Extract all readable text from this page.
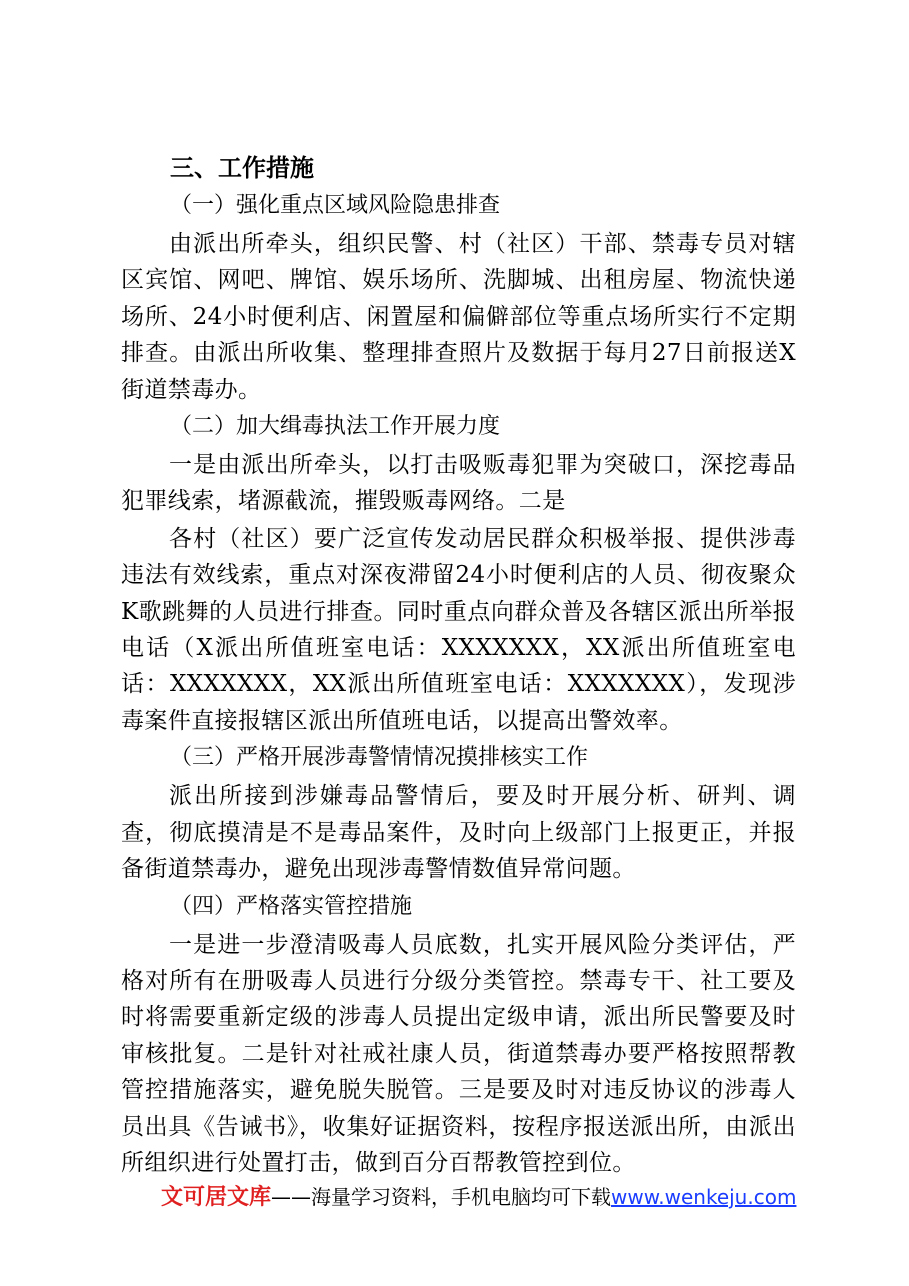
三、工作措施
（一）强化重点区域风险隐患排查
由派出所牵头，组织民警、村（社区）干部、禁毒专员对辖区宾馆、网吧、牌馆、娱乐场所、洗脚城、出租房屋、物流快递场所、24小时便利店、闲置屋和偏僻部位等重点场所实行不定期排查。由派出所收集、整理排查照片及数据于每月27日前报送X街道禁毒办。
（二）加大缉毒执法工作开展力度
一是由派出所牵头，以打击吸贩毒犯罪为突破口，深挖毒品犯罪线索，堵源截流，摧毁贩毒网络。二是
各村（社区）要广泛宣传发动居民群众积极举报、提供涉毒违法有效线索，重点对深夜滞留24小时便利店的人员、彻夜聚众K歌跳舞的人员进行排查。同时重点向群众普及各辖区派出所举报电话（X派出所值班室电话：XXXXXXX，XX派出所值班室电话：XXXXXXX，XX派出所值班室电话：XXXXXXX），发现涉毒案件直接报辖区派出所值班电话，以提高出警效率。
（三）严格开展涉毒警情情况摸排核实工作
派出所接到涉嫌毒品警情后，要及时开展分析、研判、调查，彻底摸清是不是毒品案件，及时向上级部门上报更正，并报备街道禁毒办，避免出现涉毒警情数值异常问题。
（四）严格落实管控措施
一是进一步澄清吸毒人员底数，扎实开展风险分类评估，严格对所有在册吸毒人员进行分级分类管控。禁毒专干、社工要及时将需要重新定级的涉毒人员提出定级申请，派出所民警要及时审核批复。二是针对社戒社康人员，街道禁毒办要严格按照帮教管控措施落实，避免脱失脱管。三是要及时对违反协议的涉毒人员出具《告诫书》，收集好证据资料，按程序报送派出所，由派出所组织进行处置打击，做到百分百帮教管控到位。
文可居文库——海量学习资料，手机电脑均可下载www.wenkeju.com
